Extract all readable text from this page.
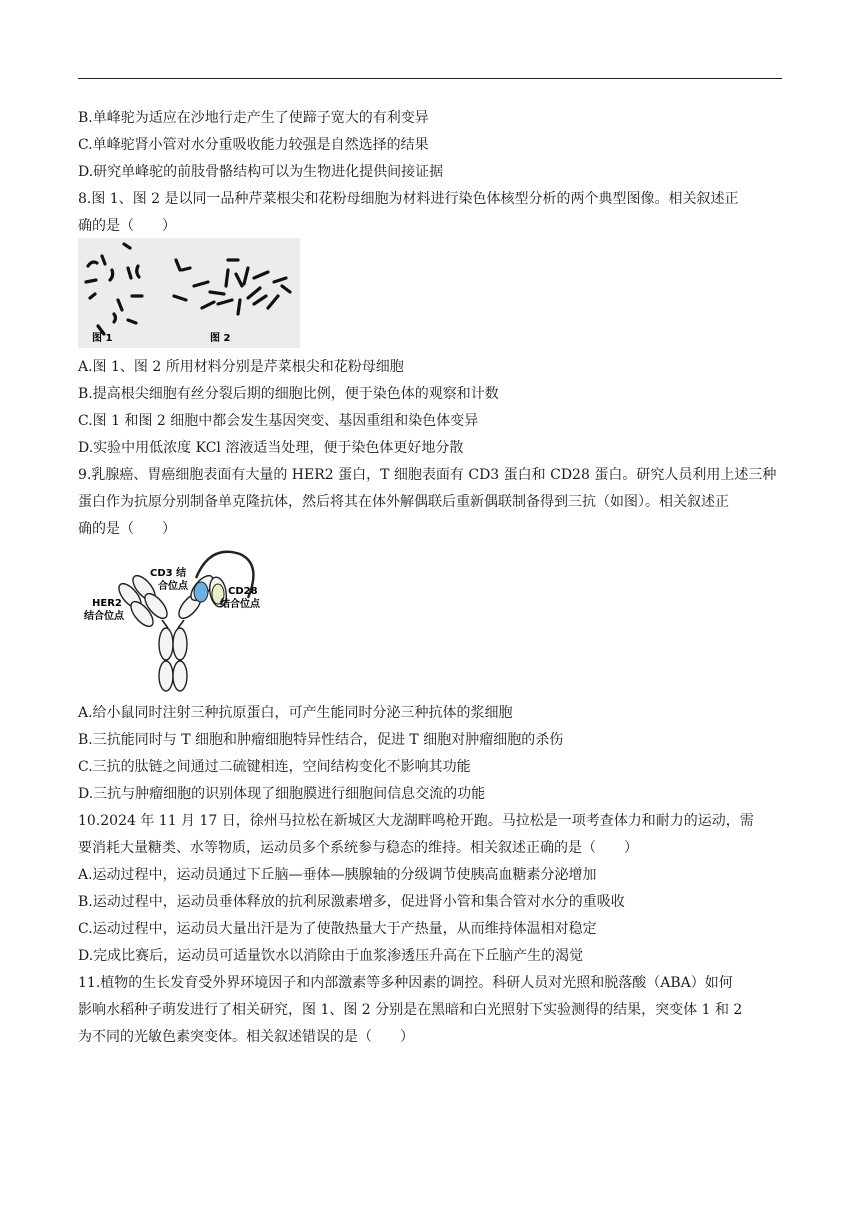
B.单峰驼为适应在沙地行走产生了使蹄子宽大的有利变异
C.单峰驼肾小管对水分重吸收能力较强是自然选择的结果
D.研究单峰驼的前肢骨骼结构可以为生物进化提供间接证据
8.图 1、图 2 是以同一品种芹菜根尖和花粉母细胞为材料进行染色体核型分析的两个典型图像。相关叙述正
确的是（　　）
图 1	图 2
A.图 1、图 2 所用材料分别是芹菜根尖和花粉母细胞
B.提高根尖细胞有丝分裂后期的细胞比例，便于染色体的观察和计数
C.图 1 和图 2 细胞中都会发生基因突变、基因重组和染色体变异
D.实验中用低浓度 KCl 溶液适当处理，便于染色体更好地分散
9.乳腺癌、胃癌细胞表面有大量的 HER2 蛋白，T 细胞表面有 CD3 蛋白和 CD28 蛋白。研究人员利用上述三种
蛋白作为抗原分别制备单克隆抗体，然后将其在体外解偶联后重新偶联制备得到三抗（如图）。相关叙述正
确的是（　　）
CD3 结
合位点
HER2
结合位点
CD28
结合位点
A.给小鼠同时注射三种抗原蛋白，可产生能同时分泌三种抗体的浆细胞
B.三抗能同时与 T 细胞和肿瘤细胞特异性结合，促进 T 细胞对肿瘤细胞的杀伤
C.三抗的肽链之间通过二硫键相连，空间结构变化不影响其功能
D.三抗与肿瘤细胞的识别体现了细胞膜进行细胞间信息交流的功能
10.2024 年 11 月 17 日，徐州马拉松在新城区大龙湖畔鸣枪开跑。马拉松是一项考查体力和耐力的运动，需
要消耗大量糖类、水等物质，运动员多个系统参与稳态的维持。相关叙述正确的是（　　）
A.运动过程中，运动员通过下丘脑—垂体—胰腺轴的分级调节使胰高血糖素分泌增加
B.运动过程中，运动员垂体释放的抗利尿激素增多，促进肾小管和集合管对水分的重吸收
C.运动过程中，运动员大量出汗是为了使散热量大于产热量，从而维持体温相对稳定
D.完成比赛后，运动员可适量饮水以消除由于血浆渗透压升高在下丘脑产生的渴觉
11.植物的生长发育受外界环境因子和内部激素等多种因素的调控。科研人员对光照和脱落酸（ABA）如何
影响水稻种子萌发进行了相关研究，图 1、图 2 分别是在黑暗和白光照射下实验测得的结果，突变体 1 和 2
为不同的光敏色素突变体。相关叙述错误的是（　　）
